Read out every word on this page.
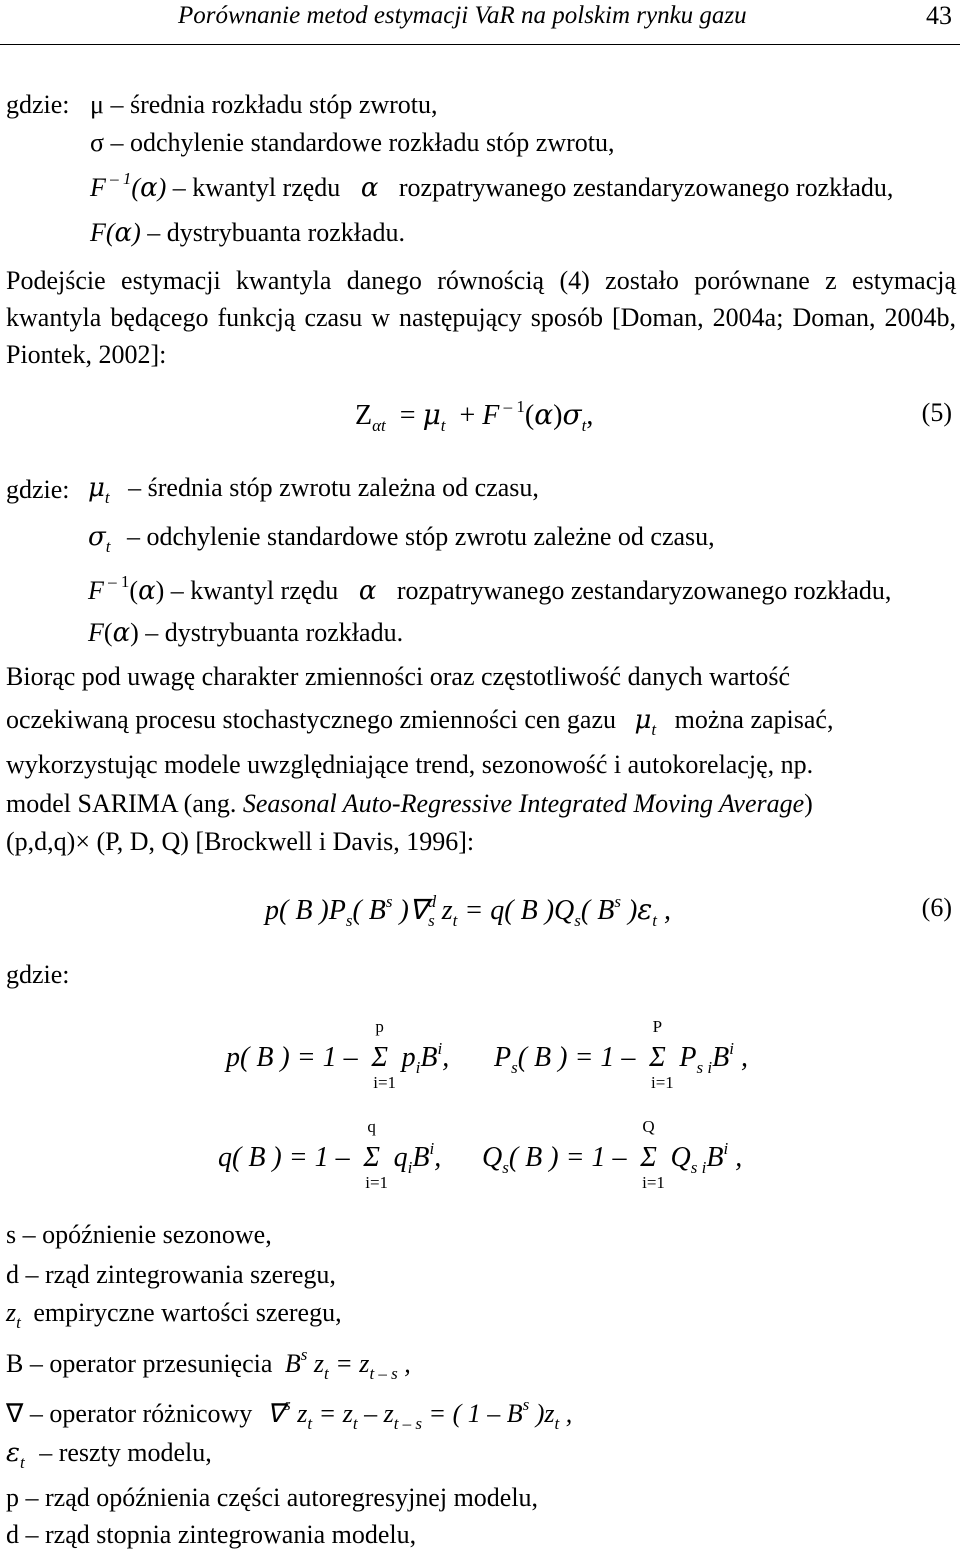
Porównanie metod estymacji VaR na polskim rynku gazu	43
gdzie: μ – średnia rozkładu stóp zwrotu,
σ – odchylenie standardowe rozkładu stóp zwrotu,
F $^{- 1}$(α) – kwantyl rzędu α rozpatrywanego zestandaryzowanego rozkładu,
F(α) – dystrybuanta rozkładu.
Podejście estymacji kwantyla danego równością (4) zostało porównane z estymacją kwantyla będącego funkcją czasu w następujący sposób [Doman, 2004a; Doman, 2004b, Piontek, 2002]:
$Z_{\alpha t} = \mu_t + F$ $^{- 1}(\alpha)\sigma_t$,	(5)
gdzie: $\mu_t$ – średnia stóp zwrotu zależna od czasu,
$\sigma_t$ – odchylenie standardowe stóp zwrotu zależne od czasu,
F $^{- 1}$(α) – kwantyl rzędu α rozpatrywanego zestandaryzowanego rozkładu,
F(α) – dystrybuanta rozkładu.
Biorąc pod uwagę charakter zmienności oraz częstotliwość danych wartość
oczekiwaną procesu stochastycznego zmienności cen gazu $\mu_t$ można zapisać,
wykorzystując modele uwzględniające trend, sezonowość i autokorelację, np.
model SARIMA (ang. Seasonal Auto-Regressive Integrated Moving Average)
(p,d,q)× (P, D, Q) [Brockwell i Davis, 1996]:
p( B )$P_s$( $B^s$ )∇$^d_s$ $z_t = q$( B )$Q_s$( $B^s$ )$\varepsilon_t$ ,	(6)
gdzie:
p( B ) = 1 –
p
Σ
i=1
$p_iB^i$, $P_s$( B ) = 1 –
P
Σ
i=1
$P_{s i}B^i$ ,
q( B ) = 1 –
q
Σ
i=1
$q_iB^i$, $Q_s$( B ) = 1 –
Q
Σ
i=1
$Q_{s i}B^i$ ,
s – opóźnienie sezonowe,
d – rząd zintegrowania szeregu,
$z_t$ empiryczne wartości szeregu,
B – operator przesunięcia $B^s$ $z_t = z_{t - s}$ ,
∇ – operator różnicowy ∇$^s$ $z_t = z_t - z_{t - s}$ = ( $1 - B^s$ )$z_t$ ,
$\varepsilon_t$ – reszty modelu,
p – rząd opóźnienia części autoregresyjnej modelu,
d – rząd stopnia zintegrowania modelu,
